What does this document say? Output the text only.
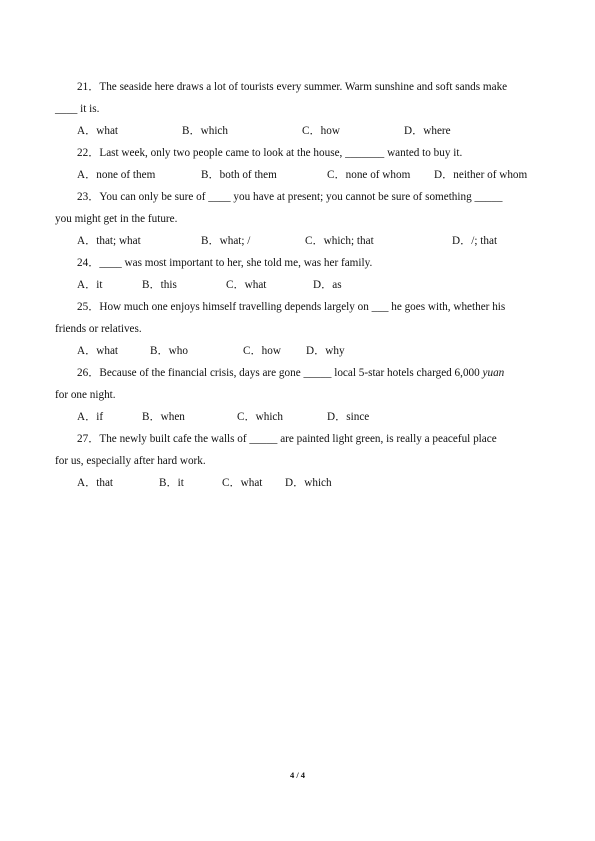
21．The seaside here draws a lot of tourists every summer. Warm sunshine and soft sands make
____ it is.
A．what	B．which	C．how	D．where
22．Last week, only two people came to look at the house, _______ wanted to buy it.
A．none of them	B．both of them	C．none of whom D．neither of whom
23．You can only be sure of ____ you have at present; you cannot be sure of something _____
you might get in the future.
A．that; what	B．what; /	C．which; that	D．/; that
24．____ was most important to her, she told me, was her family.
A．it	B．this	C．what	D．as
25．How much one enjoys himself travelling depends largely on ___ he goes with, whether his
friends or relatives.
A．what	B．who	C．how D．why
26．Because of the financial crisis, days are gone _____ local 5-star hotels charged 6,000 yuan
for one night.
A．if	B．when	C．which	D．since
27．The newly built cafe the walls of _____ are painted light green, is really a peaceful place
for us, especially after hard work.
A．that	B．it	C．what D．which
4 / 4
